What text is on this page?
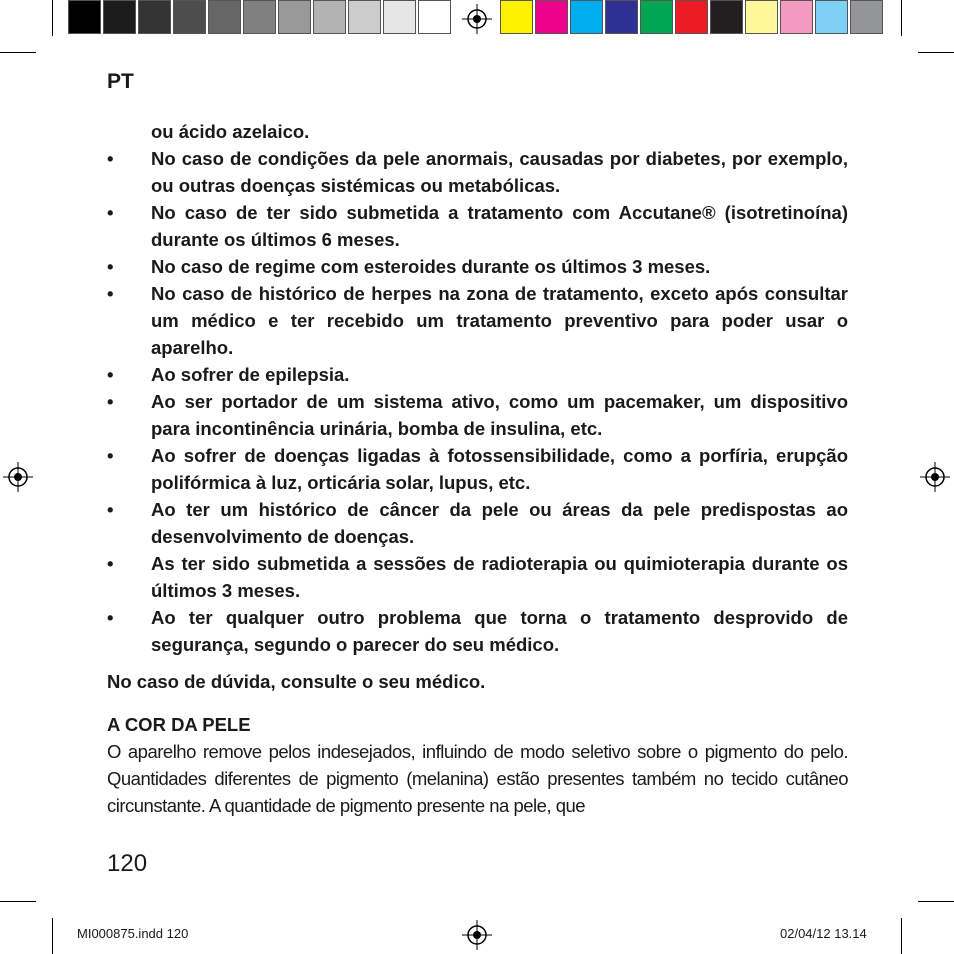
PT
ou ácido azelaico.
• No caso de condições da pele anormais, causadas por diabetes, por exemplo, ou outras doenças sistémicas ou metabólicas.
• No caso de ter sido submetida a tratamento com Accutane® (isotretinoína) durante os últimos 6 meses.
• No caso de regime com esteroides durante os últimos 3 meses.
• No caso de histórico de herpes na zona de tratamento, exceto após consultar um médico e ter recebido um tratamento preventivo para poder usar o aparelho.
• Ao sofrer de epilepsia.
• Ao ser portador de um sistema ativo, como um pacemaker, um dispositivo para incontinência urinária, bomba de insulina, etc.
• Ao sofrer de doenças ligadas à fotossensibilidade, como a porfíria, erupção polifórmica à luz, orticária solar, lupus, etc.
• Ao ter um histórico de câncer da pele ou áreas da pele predispostas ao desenvolvimento de doenças.
• As ter sido submetida a sessões de radioterapia ou quimioterapia durante os últimos 3 meses.
• Ao ter qualquer outro problema que torna o tratamento desprovido de segurança, segundo o parecer do seu médico.
No caso de dúvida, consulte o seu médico.
A COR DA PELE
O aparelho remove pelos indesejados, influindo de modo seletivo sobre o pigmento do pelo. Quantidades diferentes de pigmento (melanina) estão presentes também no tecido cutâneo circunstante. A quantidade de pigmento presente na pele, que
120
MI000875.indd 120	02/04/12 13.14
